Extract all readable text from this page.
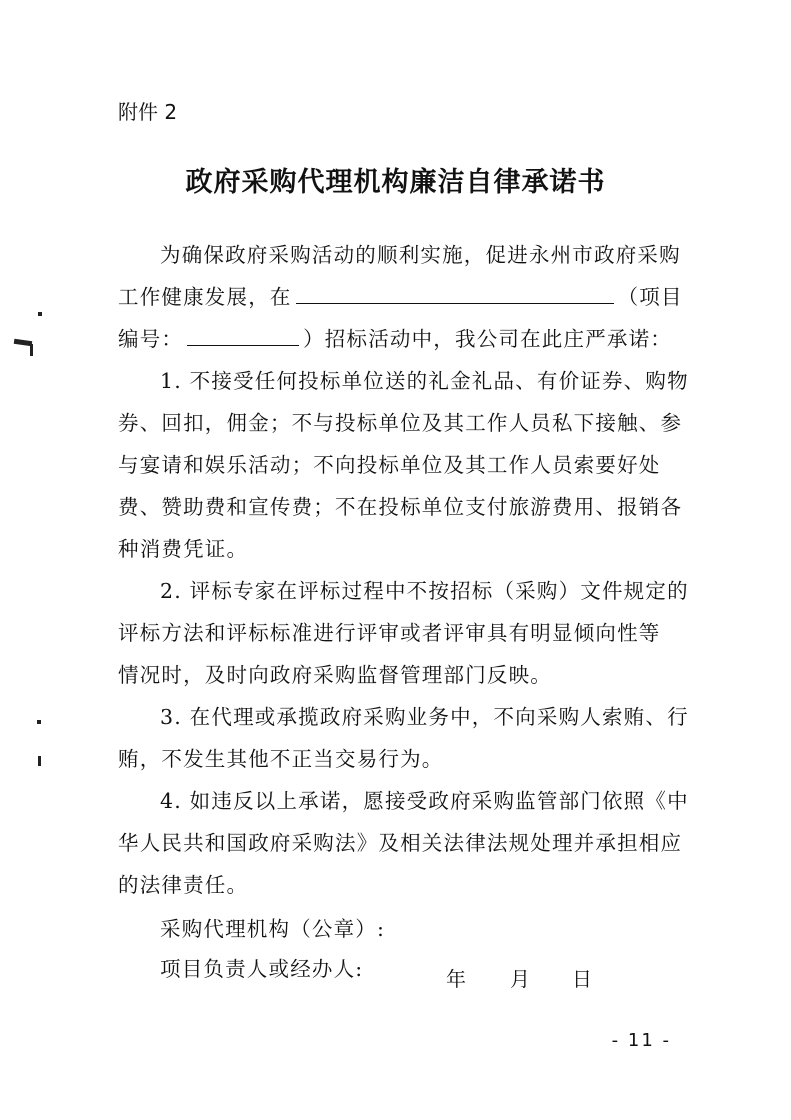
附件 2
政府采购代理机构廉洁自律承诺书
为确保政府采购活动的顺利实施，促进永州市政府采购
工作健康发展，在	（项目
编号：	）招标活动中，我公司在此庄严承诺：
1. 不接受任何投标单位送的礼金礼品、有价证券、购物
券、回扣，佣金；不与投标单位及其工作人员私下接触、参
与宴请和娱乐活动；不向投标单位及其工作人员索要好处
费、赞助费和宣传费；不在投标单位支付旅游费用、报销各
种消费凭证。
2. 评标专家在评标过程中不按招标（采购）文件规定的
评标方法和评标标准进行评审或者评审具有明显倾向性等
情况时，及时向政府采购监督管理部门反映。
3. 在代理或承揽政府采购业务中，不向采购人索贿、行
贿，不发生其他不正当交易行为。
4. 如违反以上承诺，愿接受政府采购监管部门依照《中
华人民共和国政府采购法》及相关法律法规处理并承担相应
的法律责任。
采购代理机构（公章）:
项目负责人或经办人:	年 月 日
- 11 -
